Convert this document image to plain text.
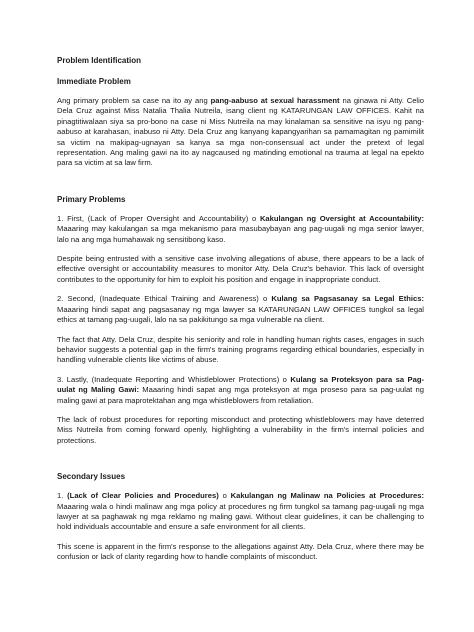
Problem Identification

Immediate Problem

Ang primary problem sa case na ito ay ang pang-aabuso at sexual harassment na ginawa ni Atty. Celio Dela Cruz against Miss Natalia Thalia Nutreila, isang client ng KATARUNGAN LAW OFFICES. Kahit na pinagtitiwalaan siya sa pro-bono na case ni Miss Nutreila na may kinalaman sa sensitive na isyu ng pang-aabuso at karahasan, inabuso ni Atty. Dela Cruz ang kanyang kapangyarihan sa pamamagitan ng pamimilit sa victim na makipag-ugnayan sa kanya sa mga non-consensual act under the pretext of legal representation. Ang maling gawi na ito ay nagcaused ng matinding emotional na trauma at legal na epekto para sa victim at sa law firm.

Primary Problems

1. First, (Lack of Proper Oversight and Accountability) o Kakulangan ng Oversight at Accountability: Maaaring may kakulangan sa mga mekanismo para masubaybayan ang pag-uugali ng mga senior lawyer, lalo na ang mga humahawak ng sensitibong kaso.

Despite being entrusted with a sensitive case involving allegations of abuse, there appears to be a lack of effective oversight or accountability measures to monitor Atty. Dela Cruz's behavior. This lack of oversight contributes to the opportunity for him to exploit his position and engage in inappropriate conduct.

2. Second, (Inadequate Ethical Training and Awareness) o Kulang sa Pagsasanay sa Legal Ethics: Maaaring hindi sapat ang pagsasanay ng mga lawyer sa KATARUNGAN LAW OFFICES tungkol sa legal ethics at tamang pag-uugali, lalo na sa pakikitungo sa mga vulnerable na client.

The fact that Atty. Dela Cruz, despite his seniority and role in handling human rights cases, engages in such behavior suggests a potential gap in the firm's training programs regarding ethical boundaries, especially in handling vulnerable clients like victims of abuse.

3. Lastly, (Inadequate Reporting and Whistleblower Protections) o Kulang sa Proteksyon para sa Pag-uulat ng Maling Gawi: Maaaring hindi sapat ang mga proteksyon at mga proseso para sa pag-uulat ng maling gawi at para maprotektahan ang mga whistleblowers from retaliation.

The lack of robust procedures for reporting misconduct and protecting whistleblowers may have deterred Miss Nutreila from coming forward openly, highlighting a vulnerability in the firm's internal policies and protections.

Secondary Issues

1. (Lack of Clear Policies and Procedures) o Kakulangan ng Malinaw na Policies at Procedures: Maaaring wala o hindi malinaw ang mga policy at procedures ng firm tungkol sa tamang pag-uugali ng mga lawyer at sa paghawak ng mga reklamo ng maling gawi. Without clear guidelines, it can be challenging to hold individuals accountable and ensure a safe environment for all clients.

This scene is apparent in the firm's response to the allegations against Atty. Dela Cruz, where there may be confusion or lack of clarity regarding how to handle complaints of misconduct.
